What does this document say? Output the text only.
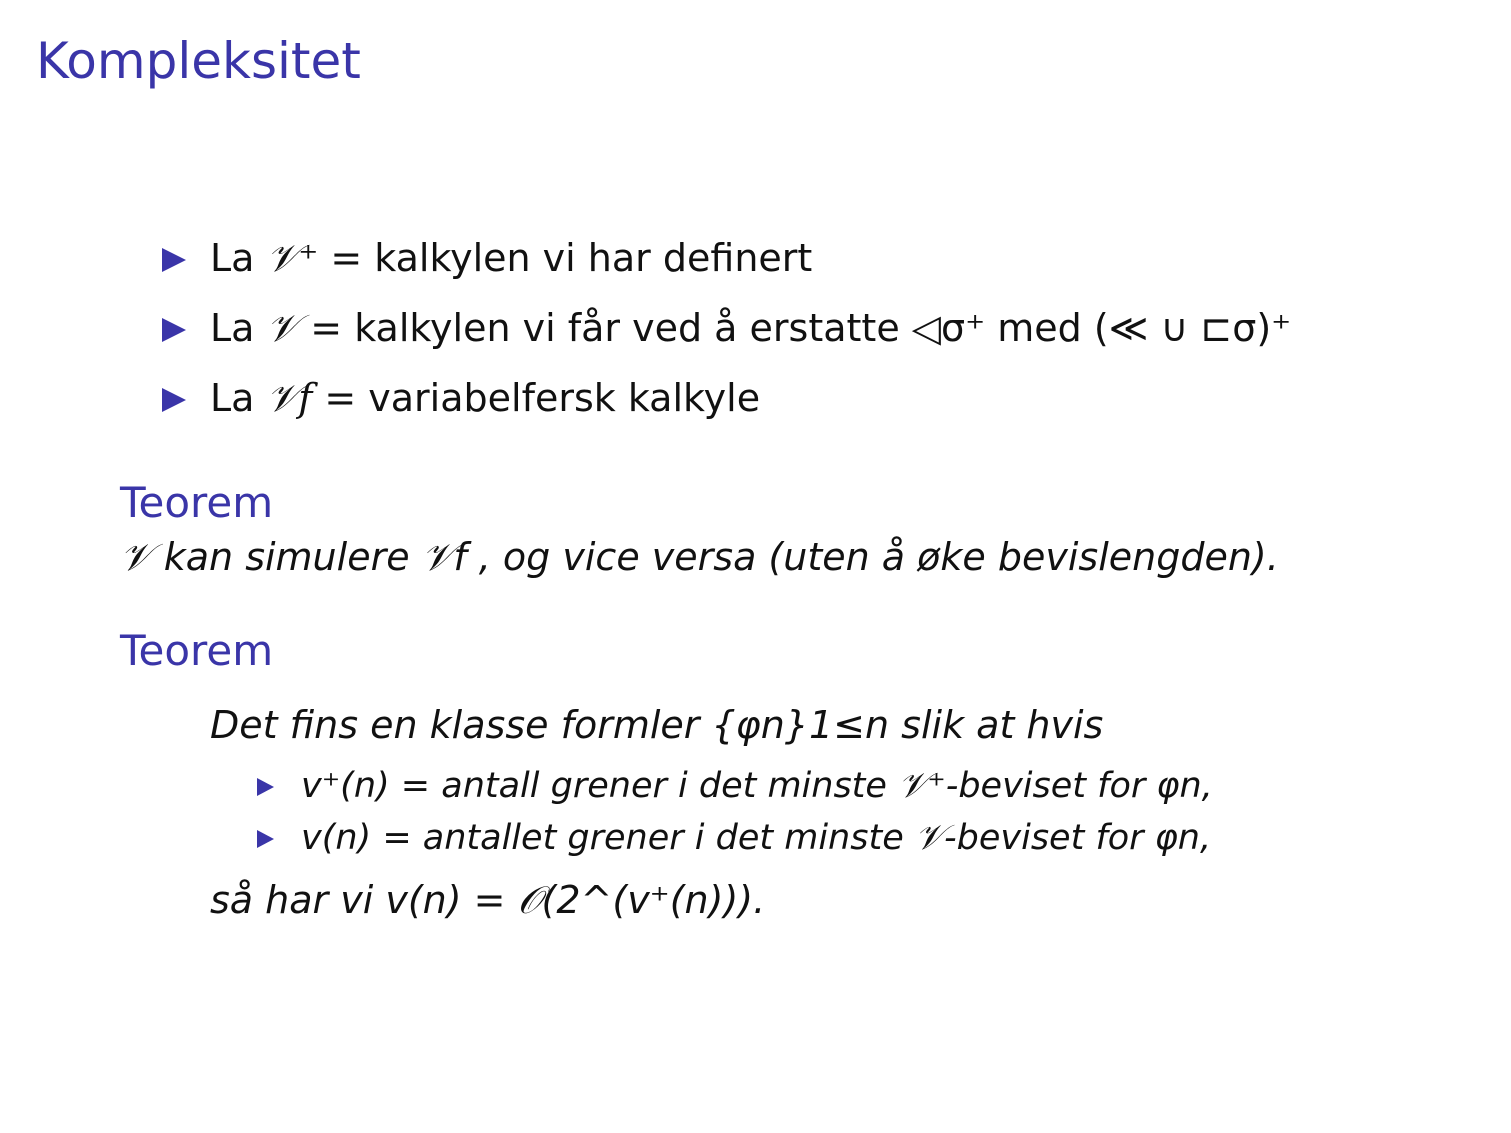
Kompleksitet
La 𝒱⁺ = kalkylen vi har definert
La 𝒱 = kalkylen vi får ved å erstatte ◁σ⁺ med (≪ ∪ ⊏σ)⁺
La 𝒱f = variabelfersk kalkyle
Teorem
𝒱 kan simulere 𝒱f , og vice versa (uten å øke bevislengden).
Teorem
Det fins en klasse formler {φn}1≤n slik at hvis
v⁺(n) = antall grener i det minste 𝒱⁺-beviset for φn,
v(n) = antallet grener i det minste 𝒱-beviset for φn,
så har vi v(n) = 𝒪(2^(v⁺(n))).
